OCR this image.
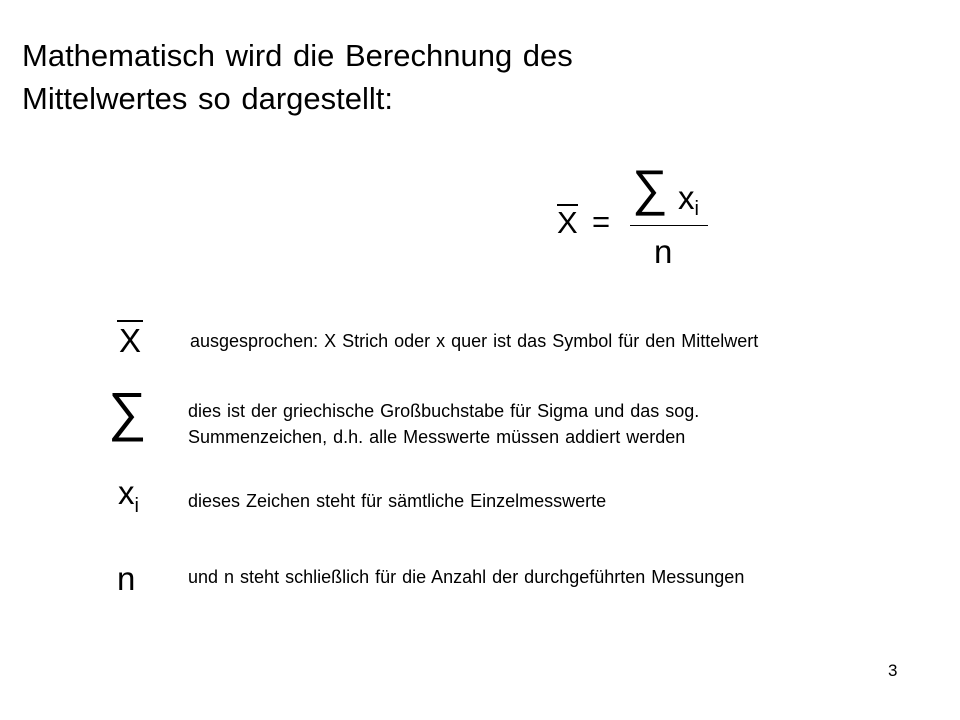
Mathematisch wird die Berechnung des
Mittelwertes so dargestellt:
X =
∑ $x_i$
n
X	ausgesprochen: X Strich oder x quer ist das Symbol für den Mittelwert
∑ dies ist der griechische Großbuchstabe für Sigma und das sog.
Summenzeichen, d.h. alle Messwerte müssen addiert werden
$x_i$	dieses Zeichen steht für sämtliche Einzelmesswerte
n	und n steht schließlich für die Anzahl der durchgeführten Messungen
3
